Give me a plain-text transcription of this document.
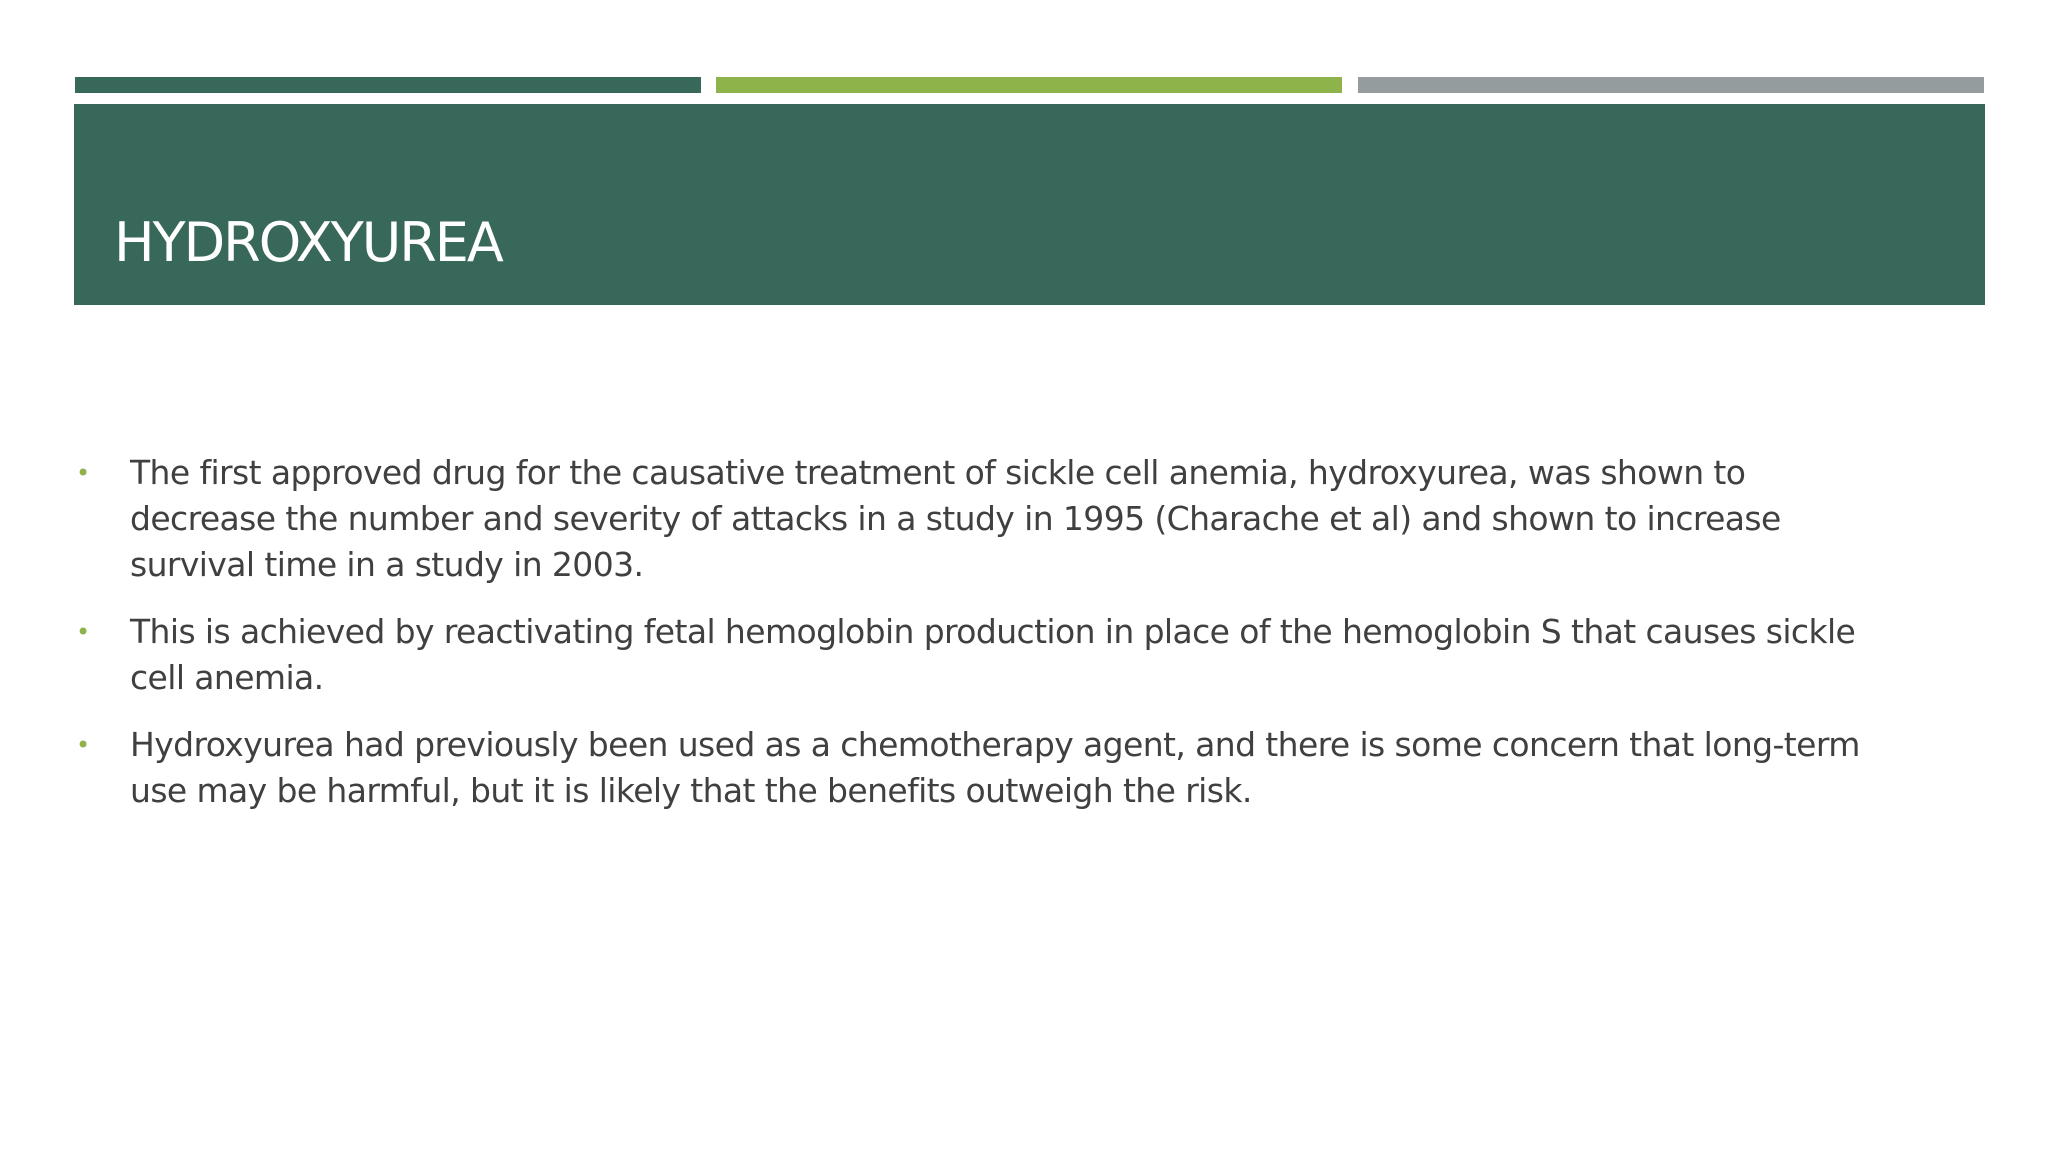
HYDROXYUREA
• The first approved drug for the causative treatment of sickle cell anemia, hydroxyurea, was shown to decrease the number and severity of attacks in a study in 1995 (Charache et al) and shown to increase survival time in a study in 2003.
• This is achieved by reactivating fetal hemoglobin production in place of the hemoglobin S that causes sickle cell anemia.
• Hydroxyurea had previously been used as a chemotherapy agent, and there is some concern that long-term use may be harmful, but it is likely that the benefits outweigh the risk.
